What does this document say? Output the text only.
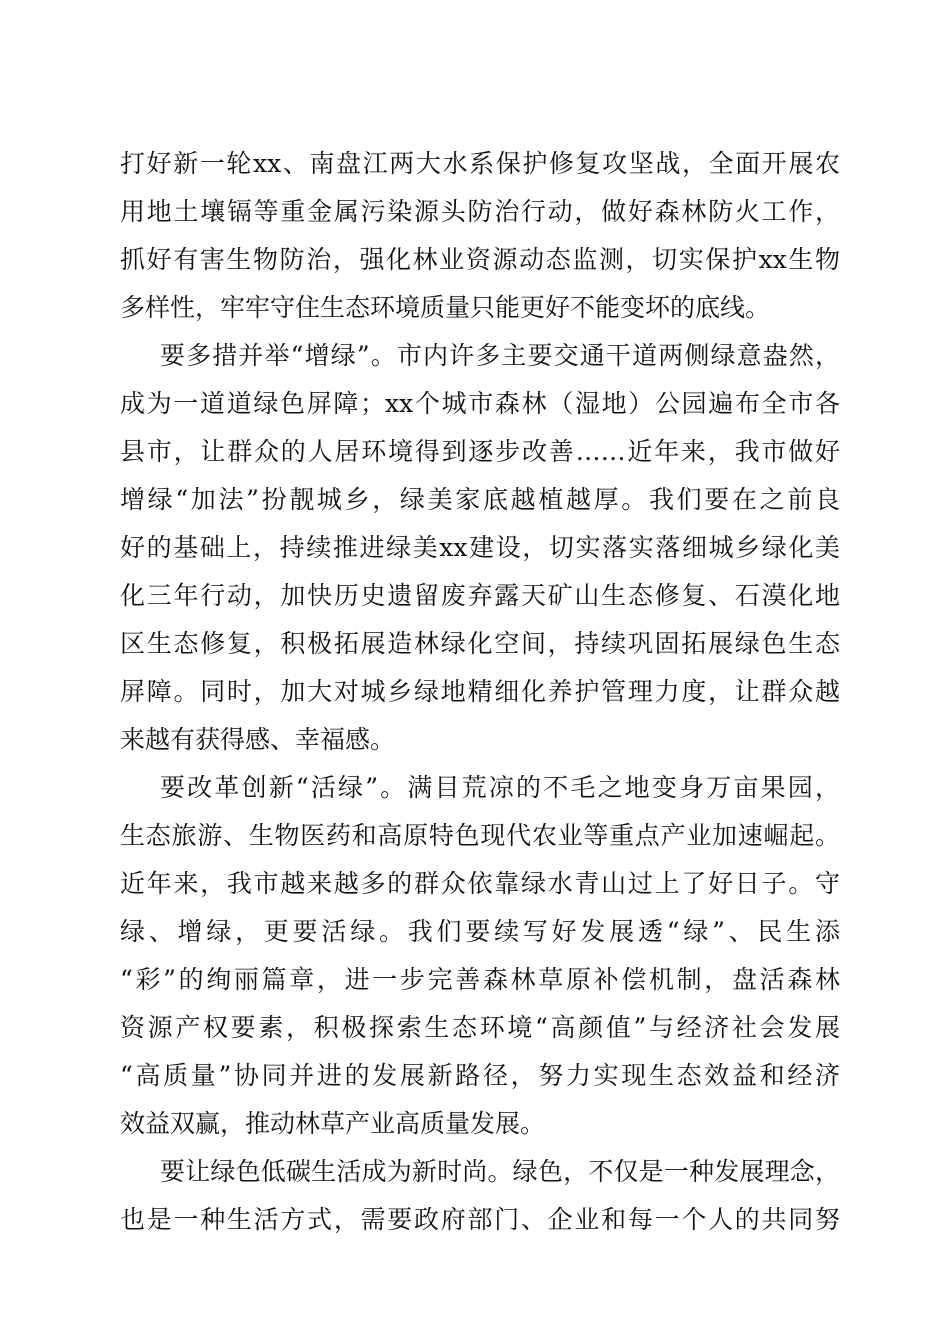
打好新一轮xx、南盘江两大水系保护修复攻坚战，全面开展农
用地土壤镉等重金属污染源头防治行动，做好森林防火工作，
抓好有害生物防治，强化林业资源动态监测，切实保护xx生物
多样性，牢牢守住生态环境质量只能更好不能变坏的底线。
要多措并举“增绿”。市内许多主要交通干道两侧绿意盎然，
成为一道道绿色屏障；xx个城市森林（湿地）公园遍布全市各
县市，让群众的人居环境得到逐步改善……近年来，我市做好
增绿“加法”扮靓城乡，绿美家底越植越厚。我们要在之前良
好的基础上，持续推进绿美xx建设，切实落实落细城乡绿化美
化三年行动，加快历史遗留废弃露天矿山生态修复、石漠化地
区生态修复，积极拓展造林绿化空间，持续巩固拓展绿色生态
屏障。同时，加大对城乡绿地精细化养护管理力度，让群众越
来越有获得感、幸福感。
要改革创新“活绿”。满目荒凉的不毛之地变身万亩果园，
生态旅游、生物医药和高原特色现代农业等重点产业加速崛起。
近年来，我市越来越多的群众依靠绿水青山过上了好日子。守
绿、增绿，更要活绿。我们要续写好发展透“绿”、民生添
“彩”的绚丽篇章，进一步完善森林草原补偿机制，盘活森林
资源产权要素，积极探索生态环境“高颜值”与经济社会发展
“高质量”协同并进的发展新路径，努力实现生态效益和经济
效益双赢，推动林草产业高质量发展。
要让绿色低碳生活成为新时尚。绿色，不仅是一种发展理念，
也是一种生活方式，需要政府部门、企业和每一个人的共同努
